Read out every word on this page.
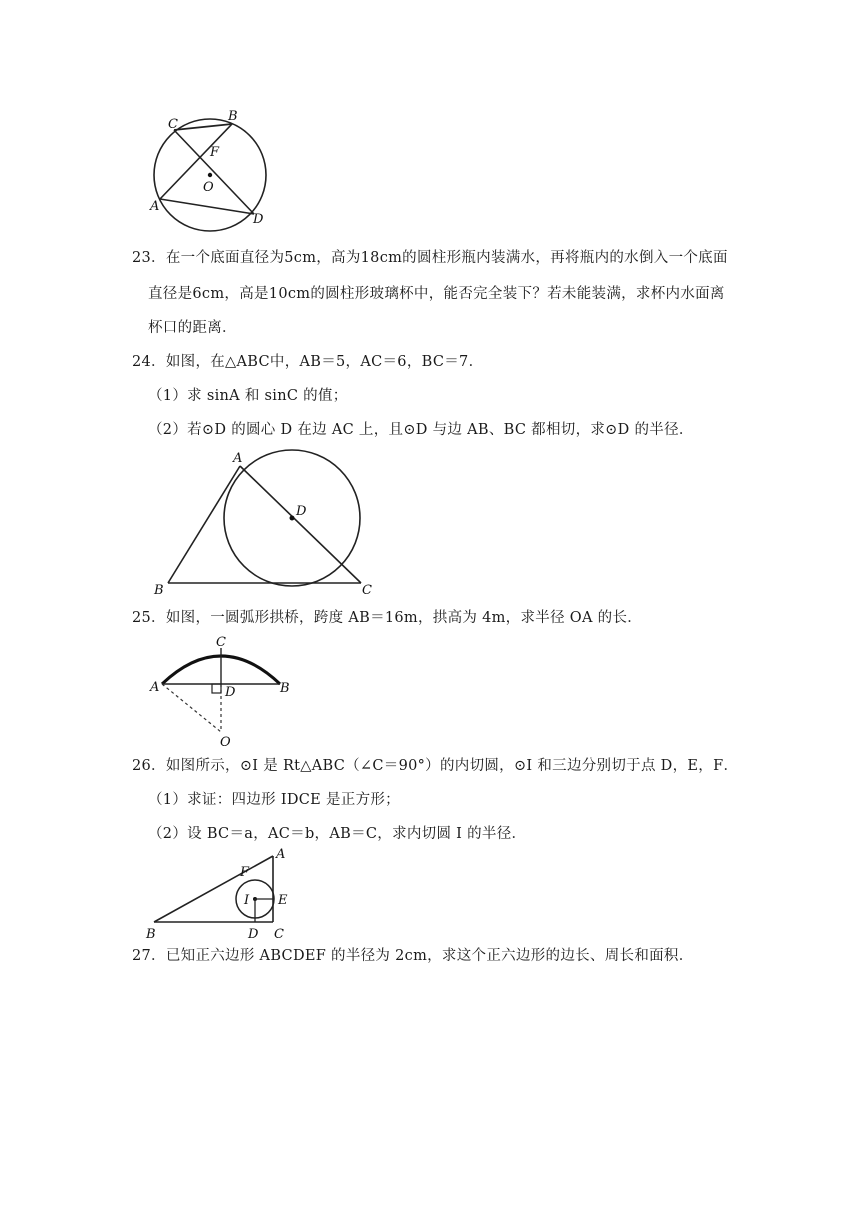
C
B
F
O
A
D
23．在一个底面直径为5cm，高为18cm的圆柱形瓶内装满水，再将瓶内的水倒入一个底面
直径是6cm，高是10cm的圆柱形玻璃杯中，能否完全装下？若未能装满，求杯内水面离
杯口的距离．
24．如图，在△ABC中，AB＝5，AC＝6，BC＝7．
（1）求 sinA 和 sinC 的值；
（2）若⊙D 的圆心 D 在边 AC 上，且⊙D 与边 AB、BC 都相切，求⊙D 的半径．
A
D
B	C
25．如图，一圆弧形拱桥，跨度 AB＝16m，拱高为 4m，求半径 OA 的长．
C
A	D	B
O
26．如图所示，⊙I 是 Rt△ABC（∠C＝90°）的内切圆，⊙I 和三边分别切于点 D，E，F．
（1）求证：四边形 IDCE 是正方形；
（2）设 BC＝a，AC＝b，AB＝C，求内切圆 I 的半径．
A
F
I E
B	D C
27．已知正六边形 ABCDEF 的半径为 2cm，求这个正六边形的边长、周长和面积．
